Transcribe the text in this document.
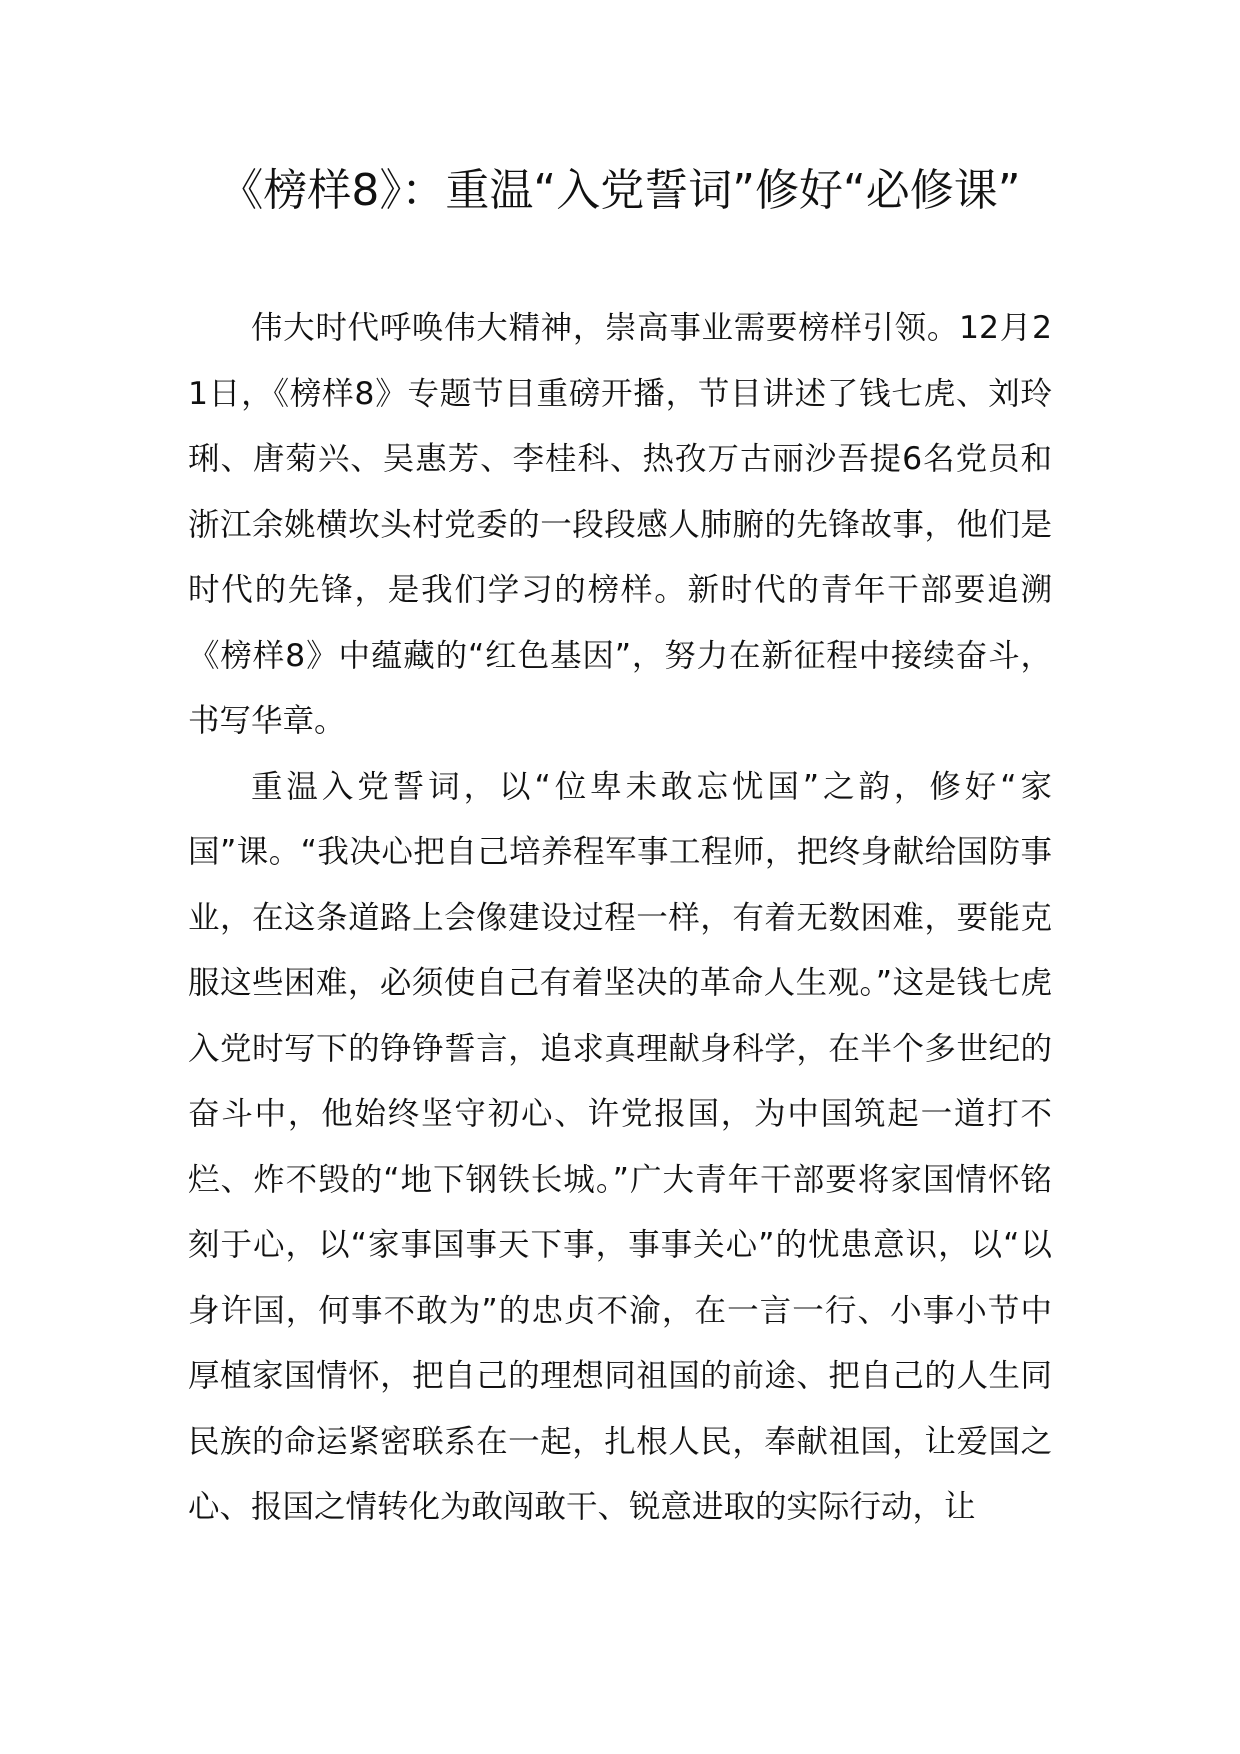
《榜样8》：重温“入党誓词”修好“必修课”

伟大时代呼唤伟大精神，崇高事业需要榜样引领。12月21日，《榜样8》专题节目重磅开播，节目讲述了钱七虎、刘玲琍、唐菊兴、吴惠芳、李桂科、热孜万古丽沙吾提6名党员和浙江余姚横坎头村党委的一段段感人肺腑的先锋故事，他们是时代的先锋，是我们学习的榜样。新时代的青年干部要追溯《榜样8》中蕴藏的“红色基因”，努力在新征程中接续奋斗，书写华章。

重温入党誓词，以“位卑未敢忘忧国”之韵，修好“家国”课。“我决心把自己培养程军事工程师，把终身献给国防事业，在这条道路上会像建设过程一样，有着无数困难，要能克服这些困难，必须使自己有着坚决的革命人生观。”这是钱七虎入党时写下的铮铮誓言，追求真理献身科学，在半个多世纪的奋斗中，他始终坚守初心、许党报国，为中国筑起一道打不烂、炸不毁的“地下钢铁长城。”广大青年干部要将家国情怀铭刻于心，以“家事国事天下事，事事关心”的忧患意识，以“以身许国，何事不敢为”的忠贞不渝，在一言一行、小事小节中厚植家国情怀，把自己的理想同祖国的前途、把自己的人生同民族的命运紧密联系在一起，扎根人民，奉献祖国，让爱国之心、报国之情转化为敢闯敢干、锐意进取的实际行动，让
